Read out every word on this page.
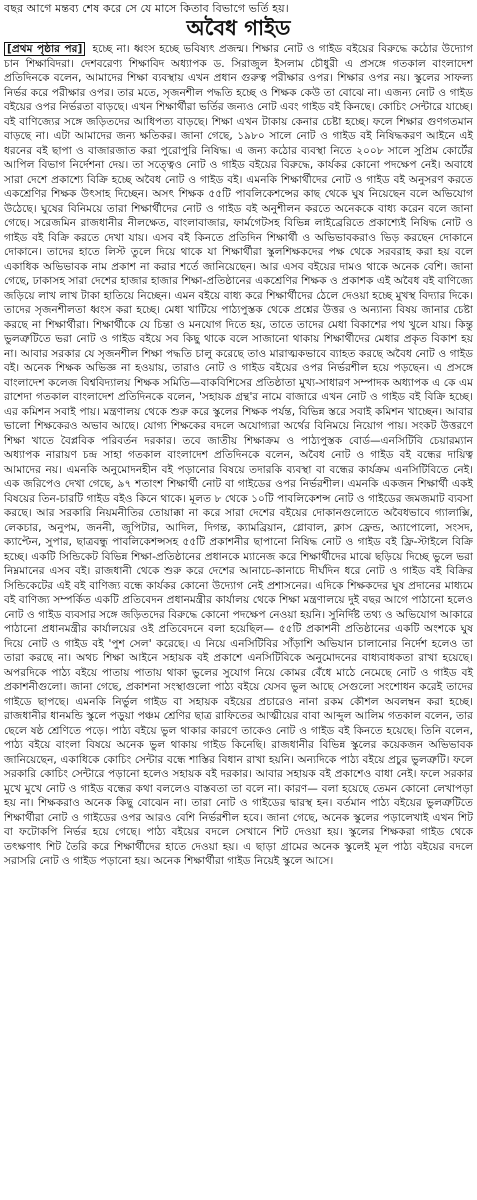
বছর আগে মন্তব্য শেষ করে সে যে মাসে কিতাব বিভাগে ভর্তি হয়।
অবৈধ গাইড
[প্রথম পৃষ্ঠার পর] হচ্ছে না। ধ্বংস হচ্ছে ভবিষ্যৎ প্রজন্ম। শিক্ষার নোট ও গাইড বইয়ের বিরুদ্ধে কঠোর উদ্যোগ চান শিক্ষাবিদরা। দেশবরেণ্য শিক্ষাবিদ অধ্যাপক ড. সিরাজুল ইসলাম চৌধুরী এ প্রসঙ্গে গতকাল বাংলাদেশ প্রতিদিনকে বলেন, আমাদের শিক্ষা ব্যবস্থায় এখন প্রধান গুরুত্ব পরীক্ষার ওপর। শিক্ষার ওপর নয়। স্কুলের সাফল্য নির্ভর করে পরীক্ষার ওপর। তার মতে, সৃজনশীল পদ্ধতি হচ্ছে ও শিক্ষক কেউ তা বোঝে না। এজন্য নোট ও গাইড বইয়ের ওপর নির্ভরতা বাড়ছে। এখন শিক্ষার্থীরা ভর্তির জন্যও নোট এবং গাইড বই কিনছে। কোচিং সেন্টারে যাচ্ছে। বই বাণিজ্যের সঙ্গে জড়িতদের আধিপত্য বাড়ছে। শিক্ষা এখন টাকায় কেনার চেষ্টা হচ্ছে। ফলে শিক্ষার গুণগতমান বাড়ছে না। এটা আমাদের জন্য ক্ষতিকর। জানা গেছে, ১৯৮০ সালে নোট ও গাইড বই নিষিদ্ধকরণ আইনে এই ধরনের বই ছাপা ও বাজারজাত করা পুরোপুরি নিষিদ্ধ। এ জন্য কঠোর ব্যবস্থা নিতে ২০০৮ সালে সুপ্রিম কোর্টের আপিল বিভাগ নির্দেশনা দেয়। তা সত্ত্বেও নোট ও গাইড বইয়ের বিরুদ্ধে, কার্যকর কোনো পদক্ষেপ নেই। অবাধে সারা দেশে প্রকাশ্যে বিক্রি হচ্ছে অবৈধ নোট ও গাইড বই। এমনকি শিক্ষার্থীদের নোট ও গাইড বই অনুসরণ করতে একশ্রেণির শিক্ষক উৎসাহ দিচ্ছেন। অসৎ শিক্ষক ৫৫টি পাবলিকেশন্সের কাছ থেকে ঘুষ নিয়েছেন বলে অভিযোগ উঠেছে। ঘুষের বিনিময়ে তারা শিক্ষার্থীদের নোট ও গাইড বই অনুশীলন করতে অনেককে বাধ্য করেন বলে জানা গেছে। সরেজমিন রাজধানীর নীলক্ষেত, বাংলাবাজার, ফার্মগেটসহ বিভিন্ন লাইব্রেরিতে প্রকাশ্যেই নিষিদ্ধ নোট ও গাইড বই বিক্রি করতে দেখা যায়। এসব বই কিনতে প্রতিদিন শিক্ষার্থী ও অভিভাবকরাও ভিড় করছেন দোকানে দোকানে। তাদের হাতে লিস্ট তুলে দিয়ে থাকে যা শিক্ষার্থীরা স্কুলশিক্ষকদের পক্ষ থেকে সরবরাহ করা হয় বলে একাধিক অভিভাবক নাম প্রকাশ না করার শর্তে জানিয়েছেন। আর এসব বইয়ের দামও থাকে অনেক বেশি। জানা গেছে, ঢাকাসহ সারা দেশের হাজার হাজার শিক্ষা-প্রতিষ্ঠানের একশ্রেণির শিক্ষক ও প্রকাশক এই অবৈধ বই বাণিজ্যে জড়িয়ে লাখ লাখ টাকা হাতিয়ে নিচ্ছেন। এমন বইয়ে বাধ্য করে শিক্ষার্থীদের ঠেলে দেওয়া হচ্ছে মুখস্থ বিদ্যার দিকে। তাদের সৃজনশীলতা ধ্বংস করা হচ্ছে। মেধা খাটিয়ে পাঠ্যপুস্তক থেকে প্রশ্নের উত্তর ও অন্যান্য বিষয় জানার চেষ্টা করছে না শিক্ষার্থীরা। শিক্ষার্থীকে যে চিন্তা ও মনযোগ দিতে হয়, তাতে তাদের মেধা বিকাশের পথ খুলে যায়। কিন্তু ভুলত্রুটিতে ভরা নোট ও গাইড বইয়ে সব কিছু থাকে বলে সাজানো থাকায় শিক্ষার্থীদের মেধার প্রকৃত বিকাশ হয় না। আবার সরকার যে সৃজনশীল শিক্ষা পদ্ধতি চালু করেছে তাও মারাত্মকভাবে ব্যাহত করছে অবৈধ নোট ও গাইড বই। অনেক শিক্ষক অভিজ্ঞ না হওয়ায়, তারাও নোট ও গাইড বইয়ের ওপর নির্ভরশীল হয়ে পড়ছেন। এ প্রসঙ্গে বাংলাদেশ কলেজ বিশ্ববিদ্যালয় শিক্ষক সমিতি—বাকবিশিসের প্রতিষ্ঠাতা মুখ্য-সাধারণ সম্পাদক অধ্যাপক এ কে এম রাশেদা গতকাল বাংলাদেশ প্রতিদিনকে বলেন, 'সহায়ক গ্রন্থ'র নামে বাজারে এখন নোট ও গাইড বই বিক্রি হচ্ছে। এর কমিশন সবাই পায়। মন্ত্রণালয় থেকে শুরু করে স্কুলের শিক্ষক পর্যন্ত, বিভিন্ন স্তরে সবাই কমিশন খাচ্ছেন। আবার ভালো শিক্ষকেরও অভাব আছে। যোগ্য শিক্ষকের বদলে অযোগ্যরা অর্থের বিনিময়ে নিয়োগ পায়। সংকট উত্তরণে শিক্ষা খাতে বৈপ্লবিক পরিবর্তন দরকার। তবে জাতীয় শিক্ষাক্রম ও পাঠ্যপুস্তক বোর্ড—এনসিটিবি চেয়ারম্যান অধ্যাপক নারায়ণ চন্দ্র সাহা গতকাল বাংলাদেশ প্রতিদিনকে বলেন, অবৈধ নোট ও গাইড বই বন্ধের দায়িত্ব আমাদের নয়। এমনকি অনুমোদনহীন বই পড়ানোর বিষয়ে তদারকি ব্যবস্থা বা বন্ধের কার্যক্রম এনসিটিবিতে নেই। এক জরিপেও দেখা গেছে, ৯৭ শতাংশ শিক্ষার্থী নোট বা গাইডের ওপর নির্ভরশীল। এমনকি একজন শিক্ষার্থী একই বিষয়ের তিন-চারটি গাইড বইও কিনে থাকে। মূলত ৮ থেকে ১০টি পাবলিকেশন্স নোট ও গাইডের জমজমাট ব্যবসা করছে। আর সরকারি নিয়মনীতির তোয়াক্কা না করে সারা দেশের বইয়ের দোকানগুলোতে অবৈধভাবে গ্যালাক্সি, লেকচার, অনুপম, জননী, জুপিটার, আদিল, দিগন্ত, ক্যামব্রিয়ান, গ্লোবাল, ক্লাস ফ্রেন্ড, অ্যাপোলো, সংসদ, ক্যাপ্টেন, সুপার, ছাত্রবন্ধু পাবলিকেশন্সসহ ৫৫টি প্রকাশনীর ছাপানো নিষিদ্ধ নোট ও গাইড বই ফ্রি-স্টাইলে বিক্রি হচ্ছে। একটি সিন্ডিকেট বিভিন্ন শিক্ষা-প্রতিষ্ঠানের প্রধানকে ম্যানেজ করে শিক্ষার্থীদের মাঝে ছড়িয়ে দিচ্ছে ভুলে ভরা নিম্নমানের এসব বই। রাজধানী থেকে শুরু করে দেশের আনাচে-কানাচে দীর্ঘদিন ধরে নোট ও গাইড বই বিক্রির সিন্ডিকেটের এই বই বাণিজ্য বন্ধে কার্যকর কোনো উদ্যোগ নেই প্রশাসনের। এদিকে শিক্ষকদের ঘুষ প্রদানের মাধ্যমে বই বাণিজ্য সম্পর্কিত একটি প্রতিবেদন প্রধানমন্ত্রীর কার্যালয় থেকে শিক্ষা মন্ত্রণালয়ে দুই বছর আগে পাঠানো হলেও নোট ও গাইড ব্যবসার সঙ্গে জড়িতদের বিরুদ্ধে কোনো পদক্ষেপ নেওয়া হয়নি। সুনির্দিষ্ট তথ্য ও অভিযোগ আকারে পাঠানো প্রধানমন্ত্রীর কার্যালয়ের ওই প্রতিবেদনে বলা হয়েছিল— ৫৫টি প্রকাশনী প্রতিষ্ঠানের একটি অংশকে ঘুষ দিয়ে নোট ও গাইড বই 'পুশ সেল' করেছে। এ নিয়ে এনসিটিবির সাঁড়াশি অভিযান চালানোর নির্দেশ হলেও তা তারা করছে না। অথচ শিক্ষা আইনে সহায়ক বই প্রকাশে এনসিটিবিকে অনুমোদনের বাধ্যবাধকতা রাখা হয়েছে। অপরদিকে পাঠ্য বইয়ে পাতায় পাতায় থাকা ভুলের সুযোগ নিয়ে কোমর বেঁধে মাঠে নেমেছে নোট ও গাইড বই প্রকাশনীগুলো। জানা গেছে, প্রকাশনা সংস্থাগুলো পাঠ্য বইয়ে যেসব ভুল আছে সেগুলো সংশোধন করেই তাদের গাইডে ছাপছে। এমনকি নির্ভুল গাইড বা সহায়ক বইয়ের প্রচারেও নানা রকম কৌশল অবলম্বন করা হচ্ছে। রাজধানীর ধানমন্ডি স্কুলে পড়ুয়া পঞ্চম শ্রেণির ছাত্র রাফিতের আত্মীয়ের বাবা আব্দুল আলিম গতকাল বলেন, তার ছেলে ষষ্ঠ শ্রেণিতে পড়ে। পাঠ্য বইয়ে ভুল থাকার কারণে তাকেও নোট ও গাইড বই কিনতে হয়েছে। তিনি বলেন, পাঠ্য বইয়ে বাংলা বিষয়ে অনেক ভুল থাকায় গাইড কিনেছি। রাজধানীর বিভিন্ন স্কুলের কয়েকজন অভিভাবক জানিয়েছেন, একাধিকে কোচিং সেন্টার বন্ধে শাস্তির বিধান রাখা হয়নি। অন্যদিকে পাঠ্য বইয়ে প্রচুর ভুলত্রুটি। ফলে সরকারি কোচিং সেন্টারে পড়ানো হলেও সহায়ক বই দরকার। আবার সহায়ক বই প্রকাশেও বাধা নেই। ফলে সরকার মুখে মুখে নোট ও গাইড বন্ধের কথা বললেও বাস্তবতা তা বলে না। কারণ— বলা হয়েছে তেমন কোনো লেখাপড়া হয় না। শিক্ষকরাও অনেক কিছু বোঝেন না। তারা নোট ও গাইডের দ্বারস্থ হন। বর্তমান পাঠ্য বইয়ের ভুলত্রুটিতে শিক্ষার্থীরা নোট ও গাইডের ওপর আরও বেশি নির্ভরশীল হবে। জানা গেছে, অনেক স্কুলের পড়ালেখাই এখন শিট বা ফটোকপি নির্ভর হয়ে গেছে। পাঠ্য বইয়ের বদলে সেখানে শিট দেওয়া হয়। স্কুলের শিক্ষকরা গাইড থেকে তৎক্ষণাৎ শিট তৈরি করে শিক্ষার্থীদের হাতে দেওয়া হয়। এ ছাড়া গ্রামের অনেক স্কুলেই মূল পাঠ্য বইয়ের বদলে সরাসরি নোট ও গাইড পড়ানো হয়। অনেক শিক্ষার্থীরা গাইড নিয়েই স্কুলে আসে।
